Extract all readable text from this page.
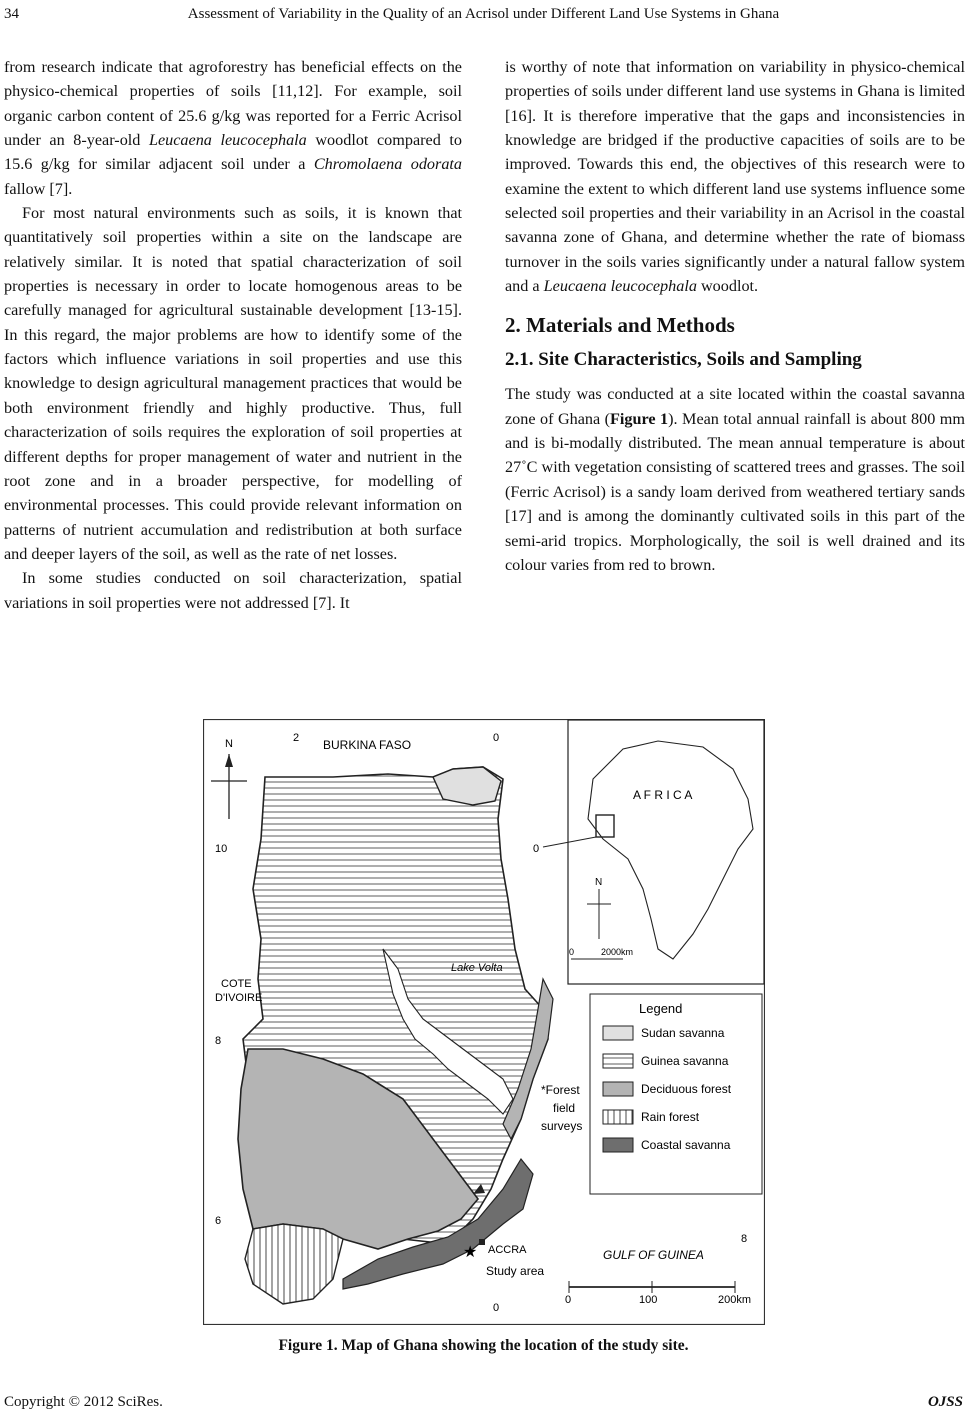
34	Assessment of Variability in the Quality of an Acrisol under Different Land Use Systems in Ghana

from research indicate that agroforestry has beneficial effects on the physico-chemical properties of soils [11,12]. For example, soil organic carbon content of 25.6 g/kg was reported for a Ferric Acrisol under an 8-year-old Leucaena leucocephala woodlot compared to 15.6 g/kg for similar adjacent soil under a Chromolaena odorata fallow [7].

For most natural environments such as soils, it is known that quantitatively soil properties within a site on the landscape are relatively similar. It is noted that spatial characterization of soil properties is necessary in order to locate homogenous areas to be carefully managed for agricultural sustainable development [13-15]. In this regard, the major problems are how to identify some of the factors which influence variations in soil properties and use this knowledge to design agricultural management practices that would be both environment friendly and highly productive. Thus, full characterization of soils requires the exploration of soil properties at different depths for proper management of water and nutrient in the root zone and in a broader perspective, for modelling of environmental processes. This could provide relevant information on patterns of nutrient accumulation and redistribution at both surface and deeper layers of the soil, as well as the rate of net losses.

In some studies conducted on soil characterization, spatial variations in soil properties were not addressed [7]. It

is worthy of note that information on variability in physico-chemical properties of soils under different land use systems in Ghana is limited [16]. It is therefore imperative that the gaps and inconsistencies in knowledge are bridged if the productive capacities of soils are to be improved. Towards this end, the objectives of this research were to examine the extent to which different land use systems influence some selected soil properties and their variability in an Acrisol in the coastal savanna zone of Ghana, and determine whether the rate of biomass turnover in the soils varies significantly under a natural fallow system and a Leucaena leucocephala woodlot.

2. Materials and Methods
2.1. Site Characteristics, Soils and Sampling

The study was conducted at a site located within the coastal savanna zone of Ghana (Figure 1). Mean total annual rainfall is about 800 mm and is bi-modally distributed. The mean annual temperature is about 27˚C with vegetation consisting of scattered trees and grasses. The soil (Ferric Acrisol) is a sandy loam derived from weathered tertiary sands [17] and is among the dominantly cultivated soils in this part of the semi-arid tropics. Morphologically, the soil is well drained and its colour varies from red to brown.

N	BURKINA FASO
2	0
10	0
COTE
D'IVOIRE
Lake Volta
8
*Forest
field
surveys
6
8
ACCRA
★
Study area
GULF OF GUINEA
0
0	100	200km
A F R I C A
N
0	2000km
Legend
Sudan savanna
Guinea savanna
Deciduous forest
Rain forest
Coastal savanna
Figure 1. Map of Ghana showing the location of the study site.
Copyright © 2012 SciRes.	OJSS
